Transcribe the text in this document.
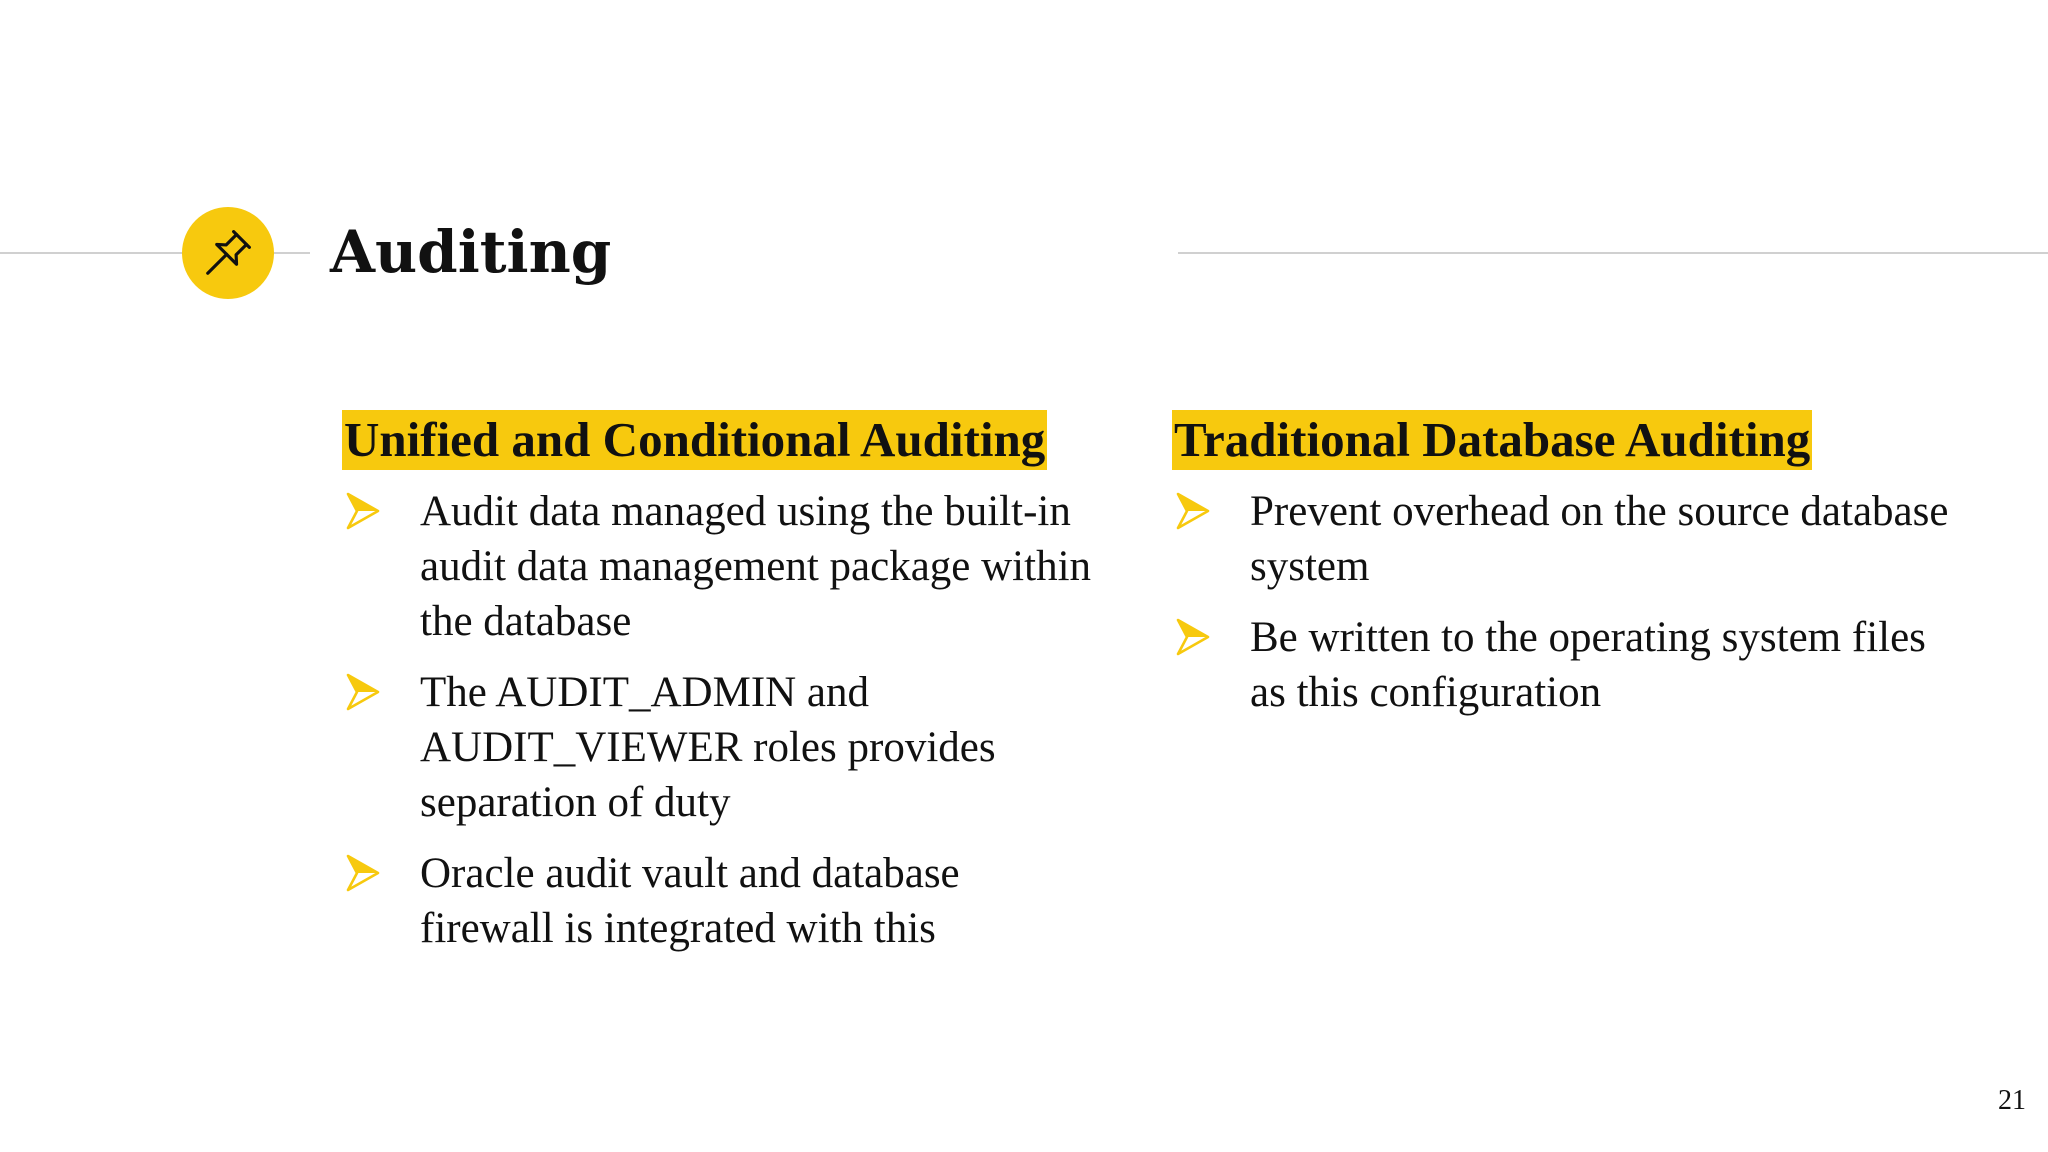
Auditing
Unified and Conditional Auditing
Audit data managed using the built-in audit data management package within the database
The AUDIT_ADMIN and AUDIT_VIEWER roles provides separation of duty
Oracle audit vault and database firewall is integrated with this
Traditional Database Auditing
Prevent overhead on the source database system
Be written to the operating system files as this configuration
21
